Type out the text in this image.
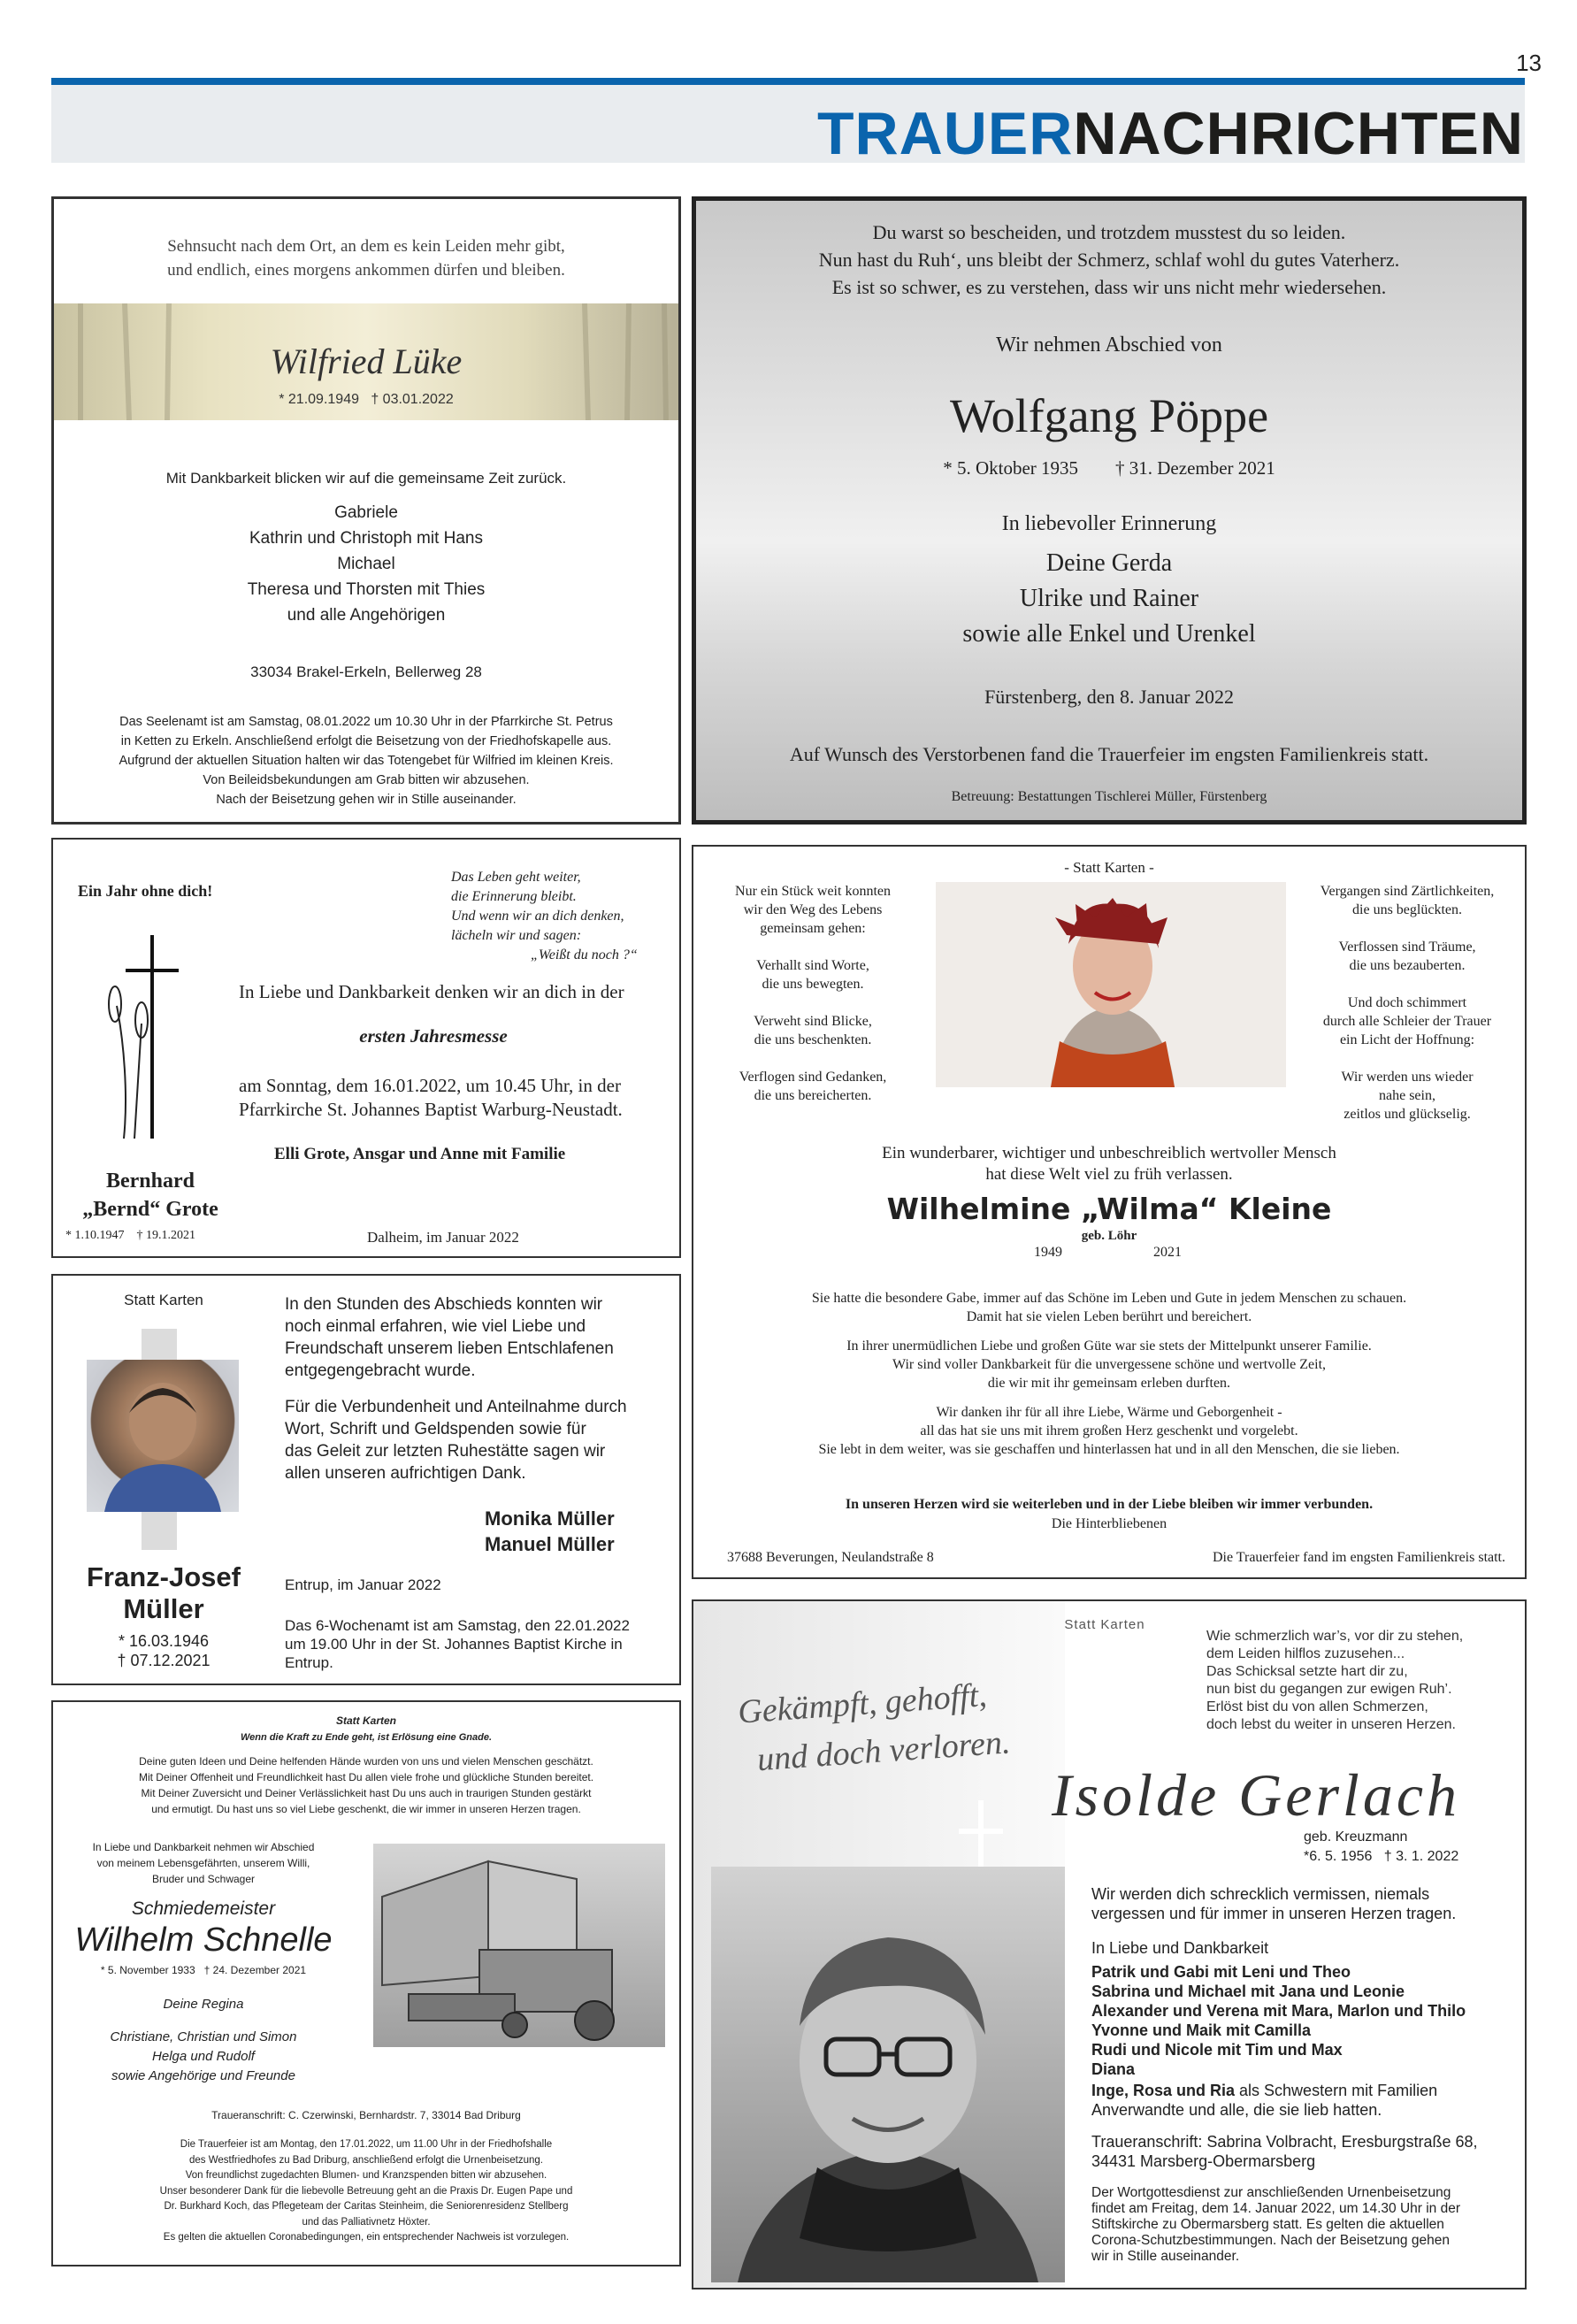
13
TRAUERNACHRICHTEN
Sehnsucht nach dem Ort, an dem es kein Leiden mehr gibt,
und endlich, eines morgens ankommen dürfen und bleiben.
Wilfried Lüke
* 21.09.1949   † 03.01.2022
Mit Dankbarkeit blicken wir auf die gemeinsame Zeit zurück.
Gabriele
Kathrin und Christoph mit Hans
Michael
Theresa und Thorsten mit Thies
und alle Angehörigen
33034 Brakel-Erkeln, Bellerweg 28
Das Seelenamt ist am Samstag, 08.01.2022 um 10.30 Uhr in der Pfarrkirche St. Petrus
in Ketten zu Erkeln. Anschließend erfolgt die Beisetzung von der Friedhofskapelle aus.
Aufgrund der aktuellen Situation halten wir das Totengebet für Wilfried im kleinen Kreis.
Von Beileidsbekundungen am Grab bitten wir abzusehen.
Nach der Beisetzung gehen wir in Stille auseinander.
Du warst so bescheiden, und trotzdem musstest du so leiden.
Nun hast du Ruh‘, uns bleibt der Schmerz, schlaf wohl du gutes Vaterherz.
Es ist so schwer, es zu verstehen, dass wir uns nicht mehr wiedersehen.
Wir nehmen Abschied von
Wolfgang Pöppe
* 5. Oktober 1935        † 31. Dezember 2021
In liebevoller Erinnerung
Deine Gerda
Ulrike und Rainer
sowie alle Enkel und Urenkel
Fürstenberg, den 8. Januar 2022
Auf Wunsch des Verstorbenen fand die Trauerfeier im engsten Familienkreis statt.
Betreuung: Bestattungen Tischlerei Müller, Fürstenberg
Ein Jahr ohne dich!
Das Leben geht weiter,
die Erinnerung bleibt.
Und wenn wir an dich denken,
lächeln wir und sagen:
„Weißt du noch ?“
In Liebe und Dankbarkeit denken wir an dich in der
ersten Jahresmesse
am Sonntag, dem 16.01.2022, um 10.45 Uhr, in der
Pfarrkirche St. Johannes Baptist Warburg-Neustadt.
Elli Grote, Ansgar und Anne mit Familie
Bernhard
„Bernd“ Grote
* 1.10.1947    † 19.1.2021	Dalheim, im Januar 2022
Statt Karten
Franz-Josef
Müller
* 16.03.1946
† 07.12.2021
In den Stunden des Abschieds konnten wir
noch einmal erfahren, wie viel Liebe und
Freundschaft unserem lieben Entschlafenen
entgegengebracht wurde.
Für die Verbundenheit und Anteilnahme durch
Wort, Schrift und Geldspenden sowie für
das Geleit zur letzten Ruhestätte sagen wir
allen unseren aufrichtigen Dank.
Monika Müller
Manuel Müller
Entrup, im Januar 2022
Das 6-Wochenamt ist am Samstag, den 22.01.2022
um 19.00 Uhr in der St. Johannes Baptist Kirche in
Entrup.
Statt Karten
Wenn die Kraft zu Ende geht, ist Erlösung eine Gnade.
Deine guten Ideen und Deine helfenden Hände wurden von uns und vielen Menschen geschätzt.
Mit Deiner Offenheit und Freundlichkeit hast Du allen viele frohe und glückliche Stunden bereitet.
Mit Deiner Zuversicht und Deiner Verlässlichkeit hast Du uns auch in traurigen Stunden gestärkt
und ermutigt. Du hast uns so viel Liebe geschenkt, die wir immer in unseren Herzen tragen.
In Liebe und Dankbarkeit nehmen wir Abschied
von meinem Lebensgefährten, unserem Willi,
Bruder und Schwager
Schmiedemeister
Wilhelm Schnelle
* 5. November 1933   † 24. Dezember 2021
Deine Regina
Christiane, Christian und Simon
Helga und Rudolf
sowie Angehörige und Freunde
Traueranschrift: C. Czerwinski, Bernhardstr. 7, 33014 Bad Driburg
Die Trauerfeier ist am Montag, den 17.01.2022, um 11.00 Uhr in der Friedhofshalle
des Westfriedhofes zu Bad Driburg, anschließend erfolgt die Urnenbeisetzung.
Von freundlichst zugedachten Blumen- und Kranzspenden bitten wir abzusehen.
Unser besonderer Dank für die liebevolle Betreuung geht an die Praxis Dr. Eugen Pape und
Dr. Burkhard Koch, das Pflegeteam der Caritas Steinheim, die Seniorenresidenz Stellberg
und das Palliativnetz Höxter.
Es gelten die aktuellen Coronabedingungen, ein entsprechender Nachweis ist vorzulegen.
- Statt Karten -
Nur ein Stück weit konnten
wir den Weg des Lebens
gemeinsam gehen:
Verhallt sind Worte,
die uns bewegten.
Verweht sind Blicke,
die uns beschenkten.
Verflogen sind Gedanken,
die uns bereicherten.
Vergangen sind Zärtlichkeiten,
die uns beglückten.
Verflossen sind Träume,
die uns bezauberten.
Und doch schimmert
durch alle Schleier der Trauer
ein Licht der Hoffnung:
Wir werden uns wieder
nahe sein,
zeitlos und glückselig.
Ein wunderbarer, wichtiger und unbeschreiblich wertvoller Mensch
hat diese Welt viel zu früh verlassen.
Wilhelmine „Wilma“ Kleine
geb. Löhr
1949	2021
Sie hatte die besondere Gabe, immer auf das Schöne im Leben und Gute in jedem Menschen zu schauen.
Damit hat sie vielen Leben berührt und bereichert.
In ihrer unermüdlichen Liebe und großen Güte war sie stets der Mittelpunkt unserer Familie.
Wir sind voller Dankbarkeit für die unvergessene schöne und wertvolle Zeit,
die wir mit ihr gemeinsam erleben durften.
Wir danken ihr für all ihre Liebe, Wärme und Geborgenheit -
all das hat sie uns mit ihrem großen Herz geschenkt und vorgelebt.
Sie lebt in dem weiter, was sie geschaffen und hinterlassen hat und in all den Menschen, die sie lieben.
In unseren Herzen wird sie weiterleben und in der Liebe bleiben wir immer verbunden.
Die Hinterbliebenen
37688 Beverungen, Neulandstraße 8	Die Trauerfeier fand im engsten Familienkreis statt.
Statt Karten
Gekämpft, gehofft,
und doch verloren.
Wie schmerzlich war’s, vor dir zu stehen,
dem Leiden hilflos zuzusehen...
Das Schicksal setzte hart dir zu,
nun bist du gegangen zur ewigen Ruh’.
Erlöst bist du von allen Schmerzen,
doch lebst du weiter in unseren Herzen.
Isolde Gerlach
geb. Kreuzmann
*6. 5. 1956   † 3. 1. 2022
Wir werden dich schrecklich vermissen, niemals
vergessen und für immer in unseren Herzen tragen.
In Liebe und Dankbarkeit
Patrik und Gabi mit Leni und Theo
Sabrina und Michael mit Jana und Leonie
Alexander und Verena mit Mara, Marlon und Thilo
Yvonne und Maik mit Camilla
Rudi und Nicole mit Tim und Max
Diana
Inge, Rosa und Ria als Schwestern mit Familien
Anverwandte und alle, die sie lieb hatten.
Traueranschrift: Sabrina Volbracht, Eresburgstraße 68,
34431 Marsberg-Obermarsberg
Der Wortgottesdienst zur anschließenden Urnenbeisetzung
findet am Freitag, dem 14. Januar 2022, um 14.30 Uhr in der
Stiftskirche zu Obermarsberg statt. Es gelten die aktuellen
Corona-Schutzbestimmungen. Nach der Beisetzung gehen
wir in Stille auseinander.
